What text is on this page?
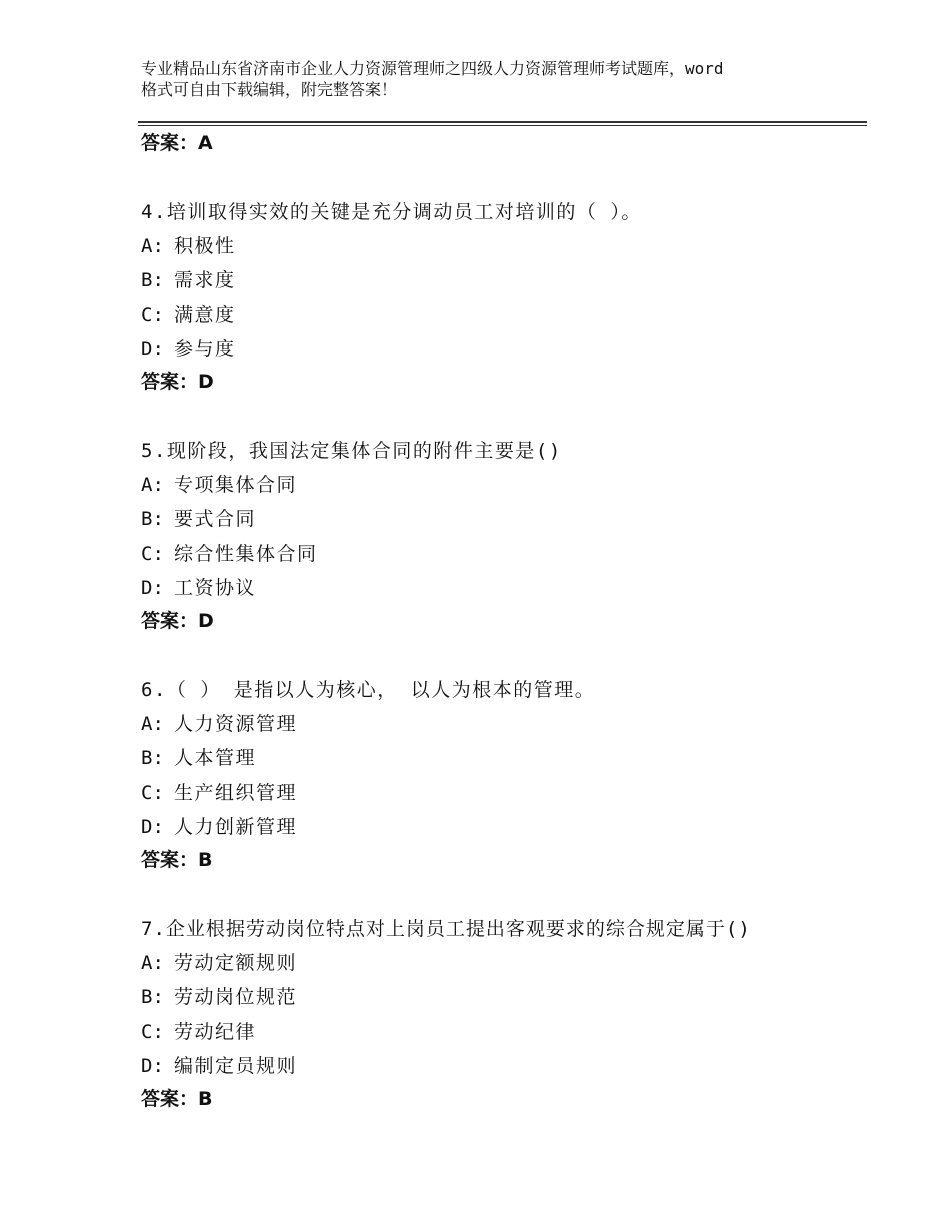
专业精品山东省济南市企业人力资源管理师之四级人力资源管理师考试题库，word
格式可自由下载编辑，附完整答案！
答案：A
4.培训取得实效的关键是充分调动员工对培训的（ ）。
A: 积极性
B: 需求度
C: 满意度
D: 参与度
答案：D
5.现阶段，我国法定集体合同的附件主要是()
A: 专项集体合同
B: 要式合同
C: 综合性集体合同
D: 工资协议
答案：D
6.（ ） 是指以人为核心， 以人为根本的管理。
A: 人力资源管理
B: 人本管理
C: 生产组织管理
D: 人力创新管理
答案：B
7.企业根据劳动岗位特点对上岗员工提出客观要求的综合规定属于()
A: 劳动定额规则
B: 劳动岗位规范
C: 劳动纪律
D: 编制定员规则
答案：B
